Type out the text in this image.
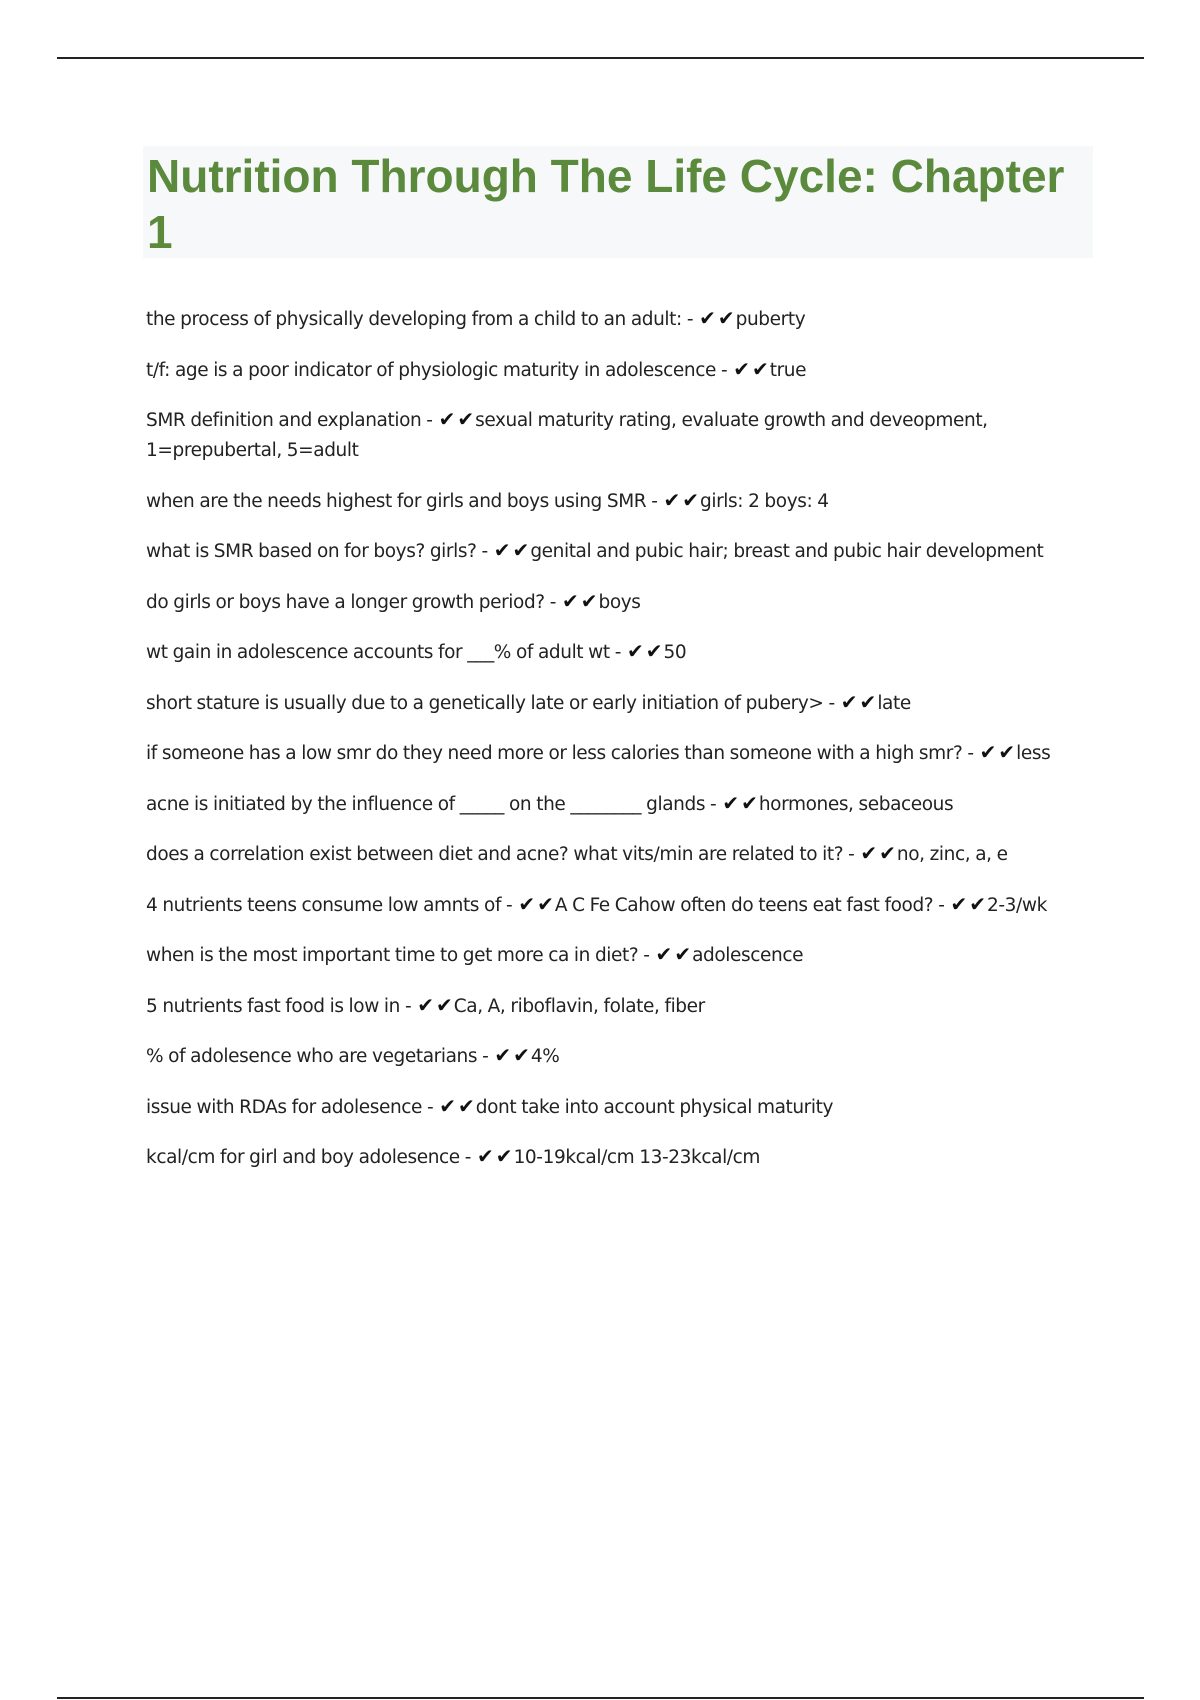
Nutrition Through The Life Cycle: Chapter 1
the process of physically developing from a child to an adult: - ✔ ✔puberty
t/f: age is a poor indicator of physiologic maturity in adolescence - ✔ ✔true
SMR definition and explanation - ✔ ✔sexual maturity rating, evaluate growth and deveopment, 1=prepubertal, 5=adult
when are the needs highest for girls and boys using SMR - ✔ ✔girls: 2 boys: 4
what is SMR based on for boys? girls? - ✔ ✔genital and pubic hair; breast and pubic hair development
do girls or boys have a longer growth period? - ✔ ✔boys
wt gain in adolescence accounts for ___% of adult wt - ✔ ✔50
short stature is usually due to a genetically late or early initiation of pubery> - ✔ ✔late
if someone has a low smr do they need more or less calories than someone with a high smr? - ✔ ✔less
acne is initiated by the influence of _____ on the ________ glands - ✔ ✔hormones, sebaceous
does a correlation exist between diet and acne? what vits/min are related to it? - ✔ ✔no, zinc, a, e
4 nutrients teens consume low amnts of - ✔ ✔A C Fe Cahow often do teens eat fast food? - ✔ ✔2-3/wk
when is the most important time to get more ca in diet? - ✔ ✔adolescence
5 nutrients fast food is low in - ✔ ✔Ca, A, riboflavin, folate, fiber
% of adolesence who are vegetarians - ✔ ✔4%
issue with RDAs for adolesence - ✔ ✔dont take into account physical maturity
kcal/cm for girl and boy adolesence - ✔ ✔10-19kcal/cm 13-23kcal/cm
